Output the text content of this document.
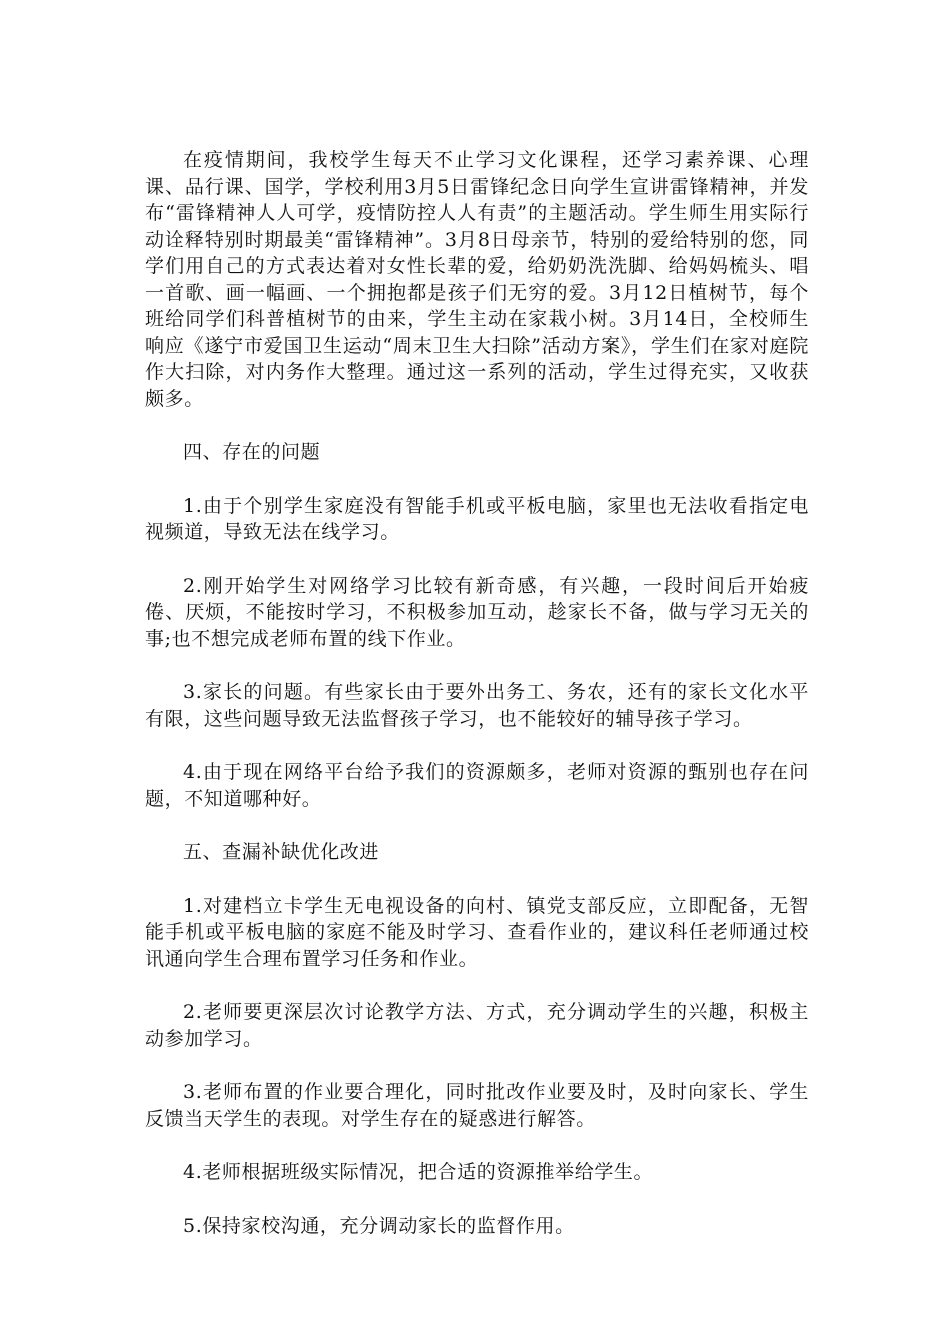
在疫情期间，我校学生每天不止学习文化课程，还学习素养课、心理课、品行课、国学，学校利用3月5日雷锋纪念日向学生宣讲雷锋精神，并发布“雷锋精神人人可学，疫情防控人人有责”的主题活动。学生师生用实际行动诠释特别时期最美“雷锋精神”。3月8日母亲节，特别的爱给特别的您，同学们用自己的方式表达着对女性长辈的爱，给奶奶洗洗脚、给妈妈梳头、唱一首歌、画一幅画、一个拥抱都是孩子们无穷的爱。3月12日植树节，每个班给同学们科普植树节的由来，学生主动在家栽小树。3月14日，全校师生响应《遂宁市爱国卫生运动“周末卫生大扫除”活动方案》，学生们在家对庭院作大扫除，对内务作大整理。通过这一系列的活动，学生过得充实，又收获颇多。

四、存在的问题

1.由于个别学生家庭没有智能手机或平板电脑，家里也无法收看指定电视频道，导致无法在线学习。

2.刚开始学生对网络学习比较有新奇感，有兴趣，一段时间后开始疲倦、厌烦，不能按时学习，不积极参加互动，趁家长不备，做与学习无关的事;也不想完成老师布置的线下作业。

3.家长的问题。有些家长由于要外出务工、务农，还有的家长文化水平有限，这些问题导致无法监督孩子学习，也不能较好的辅导孩子学习。

4.由于现在网络平台给予我们的资源颇多，老师对资源的甄别也存在问题，不知道哪种好。

五、查漏补缺优化改进

1.对建档立卡学生无电视设备的向村、镇党支部反应，立即配备，无智能手机或平板电脑的家庭不能及时学习、查看作业的，建议科任老师通过校讯通向学生合理布置学习任务和作业。

2.老师要更深层次讨论教学方法、方式，充分调动学生的兴趣，积极主动参加学习。

3.老师布置的作业要合理化，同时批改作业要及时，及时向家长、学生反馈当天学生的表现。对学生存在的疑惑进行解答。

4.老师根据班级实际情况，把合适的资源推举给学生。

5.保持家校沟通，充分调动家长的监督作用。
